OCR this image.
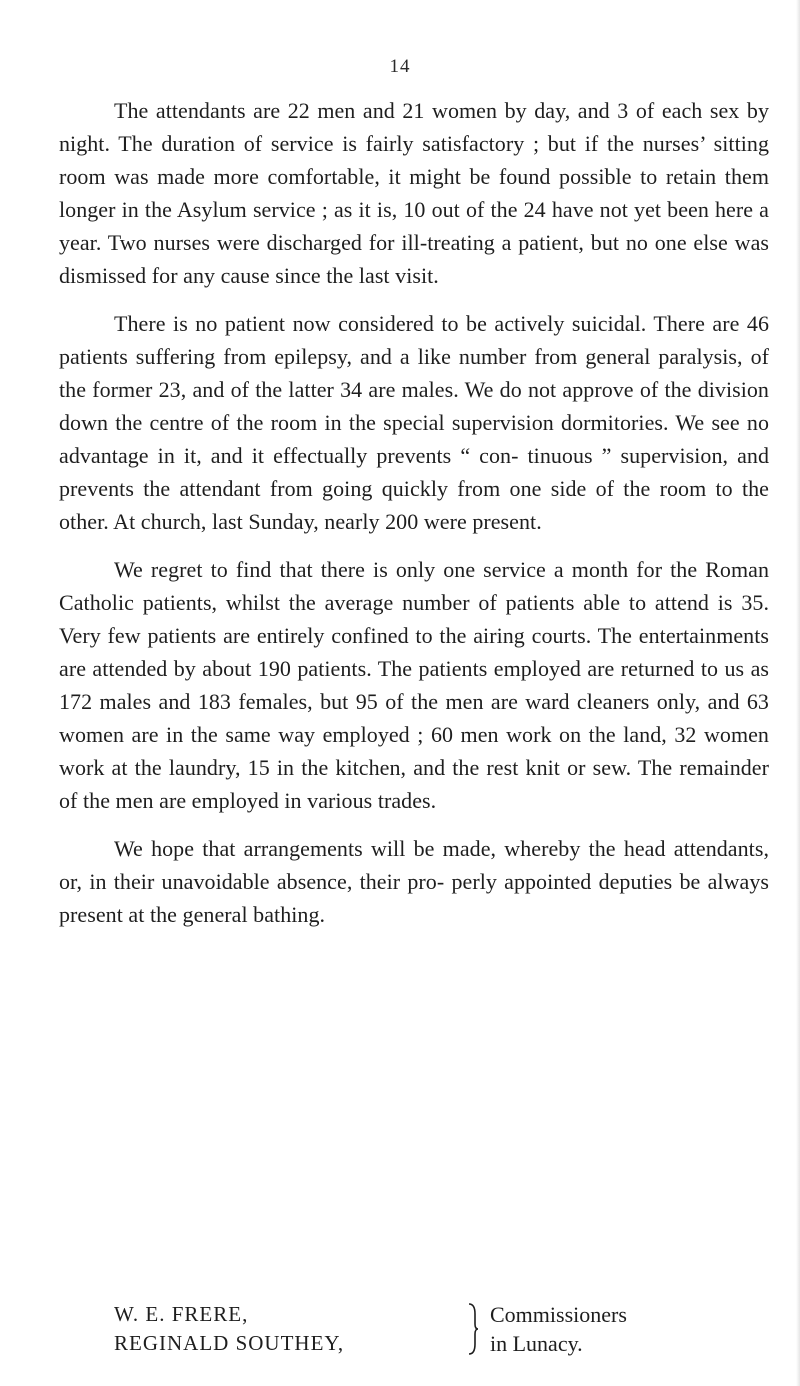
14

The attendants are 22 men and 21 women by day, and 3 of each sex by night. The duration of service is fairly satisfactory ; but if the nurses’ sitting room was made more comfortable, it might be found possible to retain them longer in the Asylum service ; as it is, 10 out of the 24 have not yet been here a year. Two nurses were discharged for ill-treating a patient, but no one else was dismissed for any cause since the last visit.

There is no patient now considered to be actively suicidal. There are 46 patients suffering from epilepsy, and a like number from general paralysis, of the former 23, and of the latter 34 are males. We do not approve of the division down the centre of the room in the special supervision dormitories. We see no advantage in it, and it effectually prevents “ con- tinuous ” supervision, and prevents the attendant from going quickly from one side of the room to the other. At church, last Sunday, nearly 200 were present.

We regret to find that there is only one service a month for the Roman Catholic patients, whilst the average number of patients able to attend is 35. Very few patients are entirely confined to the airing courts. The entertainments are attended by about 190 patients. The patients employed are returned to us as 172 males and 183 females, but 95 of the men are ward cleaners only, and 63 women are in the same way employed ; 60 men work on the land, 32 women work at the laundry, 15 in the kitchen, and the rest knit or sew. The remainder of the men are employed in various trades.

We hope that arrangements will be made, whereby the head attendants, or, in their unavoidable absence, their pro- perly appointed deputies be always present at the general bathing.

W. E. FRERE,
REGINALD SOUTHEY,
Commissioners
in Lunacy.
